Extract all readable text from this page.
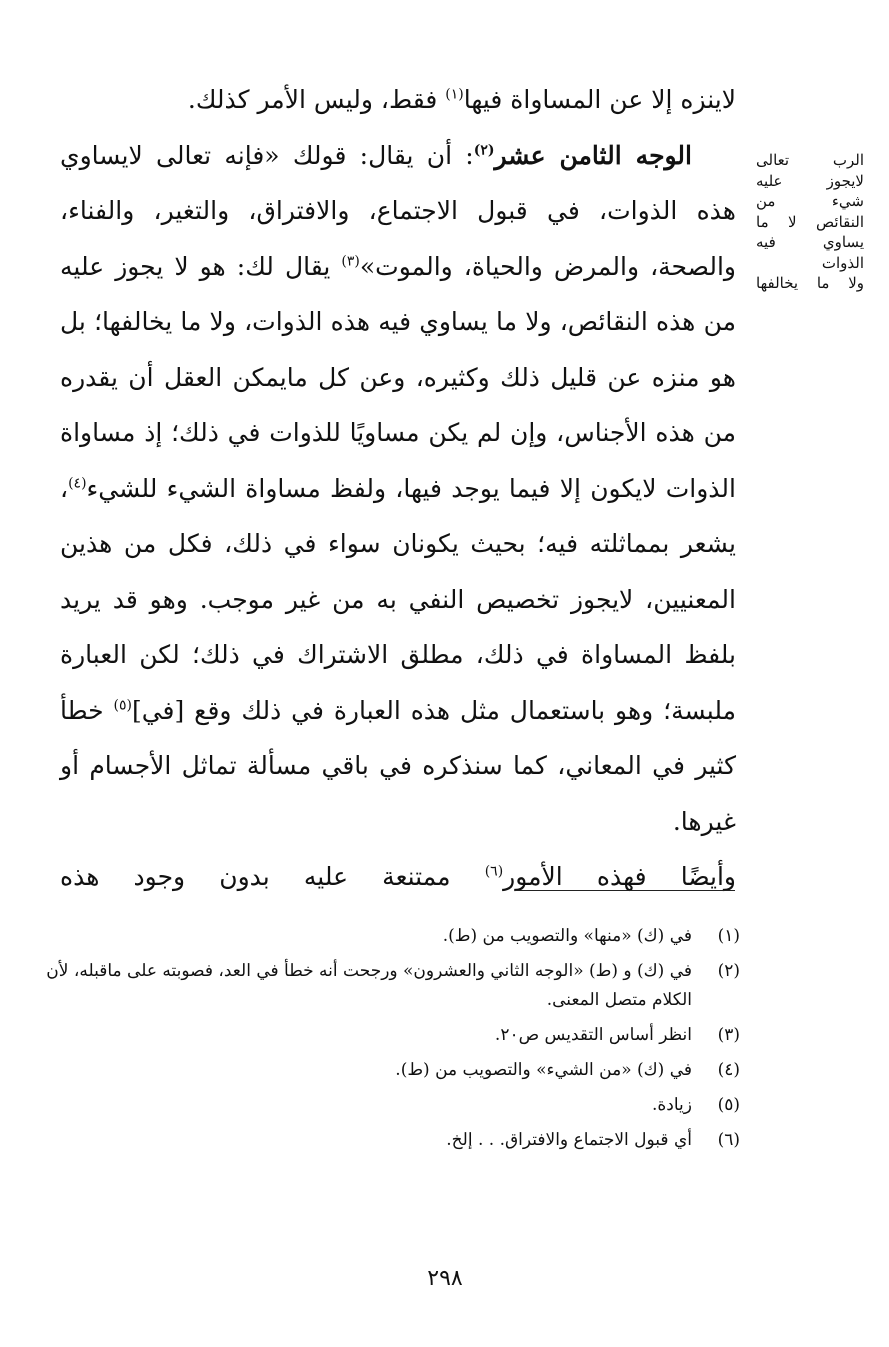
لاينزه إلا عن المساواة فيها$^{(١)}$ فقط، وليس الأمر كذلك.

الوجه الثامن عشر$^{(٢)}$: أن يقال: قولك «فإنه تعالى لايساوي هذه الذوات، في قبول الاجتماع، والافتراق، والتغير، والفناء، والصحة، والمرض والحياة، والموت»$^{(٣)}$ يقال لك: هو لا يجوز عليه من هذه النقائص، ولا ما يساوي فيه هذه الذوات، ولا ما يخالفها؛ بل هو منزه عن قليل ذلك وكثيره، وعن كل مايمكن العقل أن يقدره من هذه الأجناس، وإن لم يكن مساويًا للذوات في ذلك؛ إذ مساواة الذوات لايكون إلا فيما يوجد فيها، ولفظ مساواة الشيء للشيء$^{(٤)}$، يشعر بمماثلته فيه؛ بحيث يكونان سواء في ذلك، فكل من هذين المعنيين، لايجوز تخصيص النفي به من غير موجب. وهو قد يريد بلفظ المساواة في ذلك، مطلق الاشتراك في ذلك؛ لكن العبارة ملبسة؛ وهو باستعمال مثل هذه العبارة في ذلك وقع [في]$^{(٥)}$ خطأ كثير في المعاني، كما سنذكره في باقي مسألة تماثل الأجسام أو غيرها.

وأيضًا فهذه الأمور$^{(٦)}$ ممتنعة عليه بدون وجود هذه

الرب تعالى
لايجوز عليه
شيء من
النقائص لا ما
يساوي فيه
الذوات
ولا ما يخالفها
(١)
في (ك) «منها» والتصويب من (ط).
(٢)
في (ك) و (ط) «الوجه الثاني والعشرون» ورجحت أنه خطأ في العد، فصوبته على ماقبله، لأن الكلام متصل المعنى.
(٣)
انظر أساس التقديس ص٢٠.
(٤)
في (ك) «من الشيء» والتصويب من (ط).
(٥)
زيادة.
(٦)
أي قبول الاجتماع والافتراق. . . إلخ.
٢٩٨
